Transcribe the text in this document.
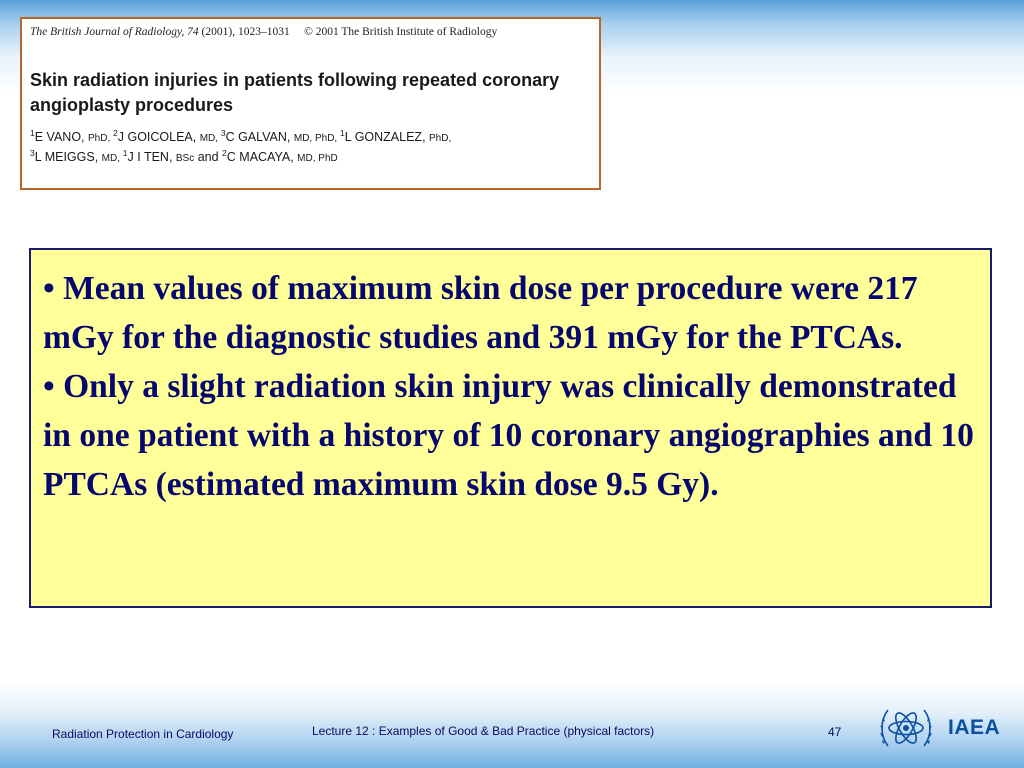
The British Journal of Radiology, 74 (2001), 1023–1031 © 2001 The British Institute of Radiology
Skin radiation injuries in patients following repeated coronary angioplasty procedures
$^1$E VANO, PhD, $^2$J GOICOLEA, MD, $^3$C GALVAN, MD, PhD, $^1$L GONZALEZ, PhD,
$^3$L MEIGGS, MD, $^1$J I TEN, BSc and $^2$C MACAYA, MD, PhD

• Mean values of maximum skin dose per procedure were 217 mGy for the diagnostic studies and 391 mGy for the PTCAs.

• Only a slight radiation skin injury was clinically demonstrated in one patient with a history of 10 coronary angiographies and 10 PTCAs (estimated maximum skin dose 9.5 Gy).

Radiation Protection in Cardiology	Lecture 12 : Examples of Good & Bad Practice (physical factors)	47	IAEA
